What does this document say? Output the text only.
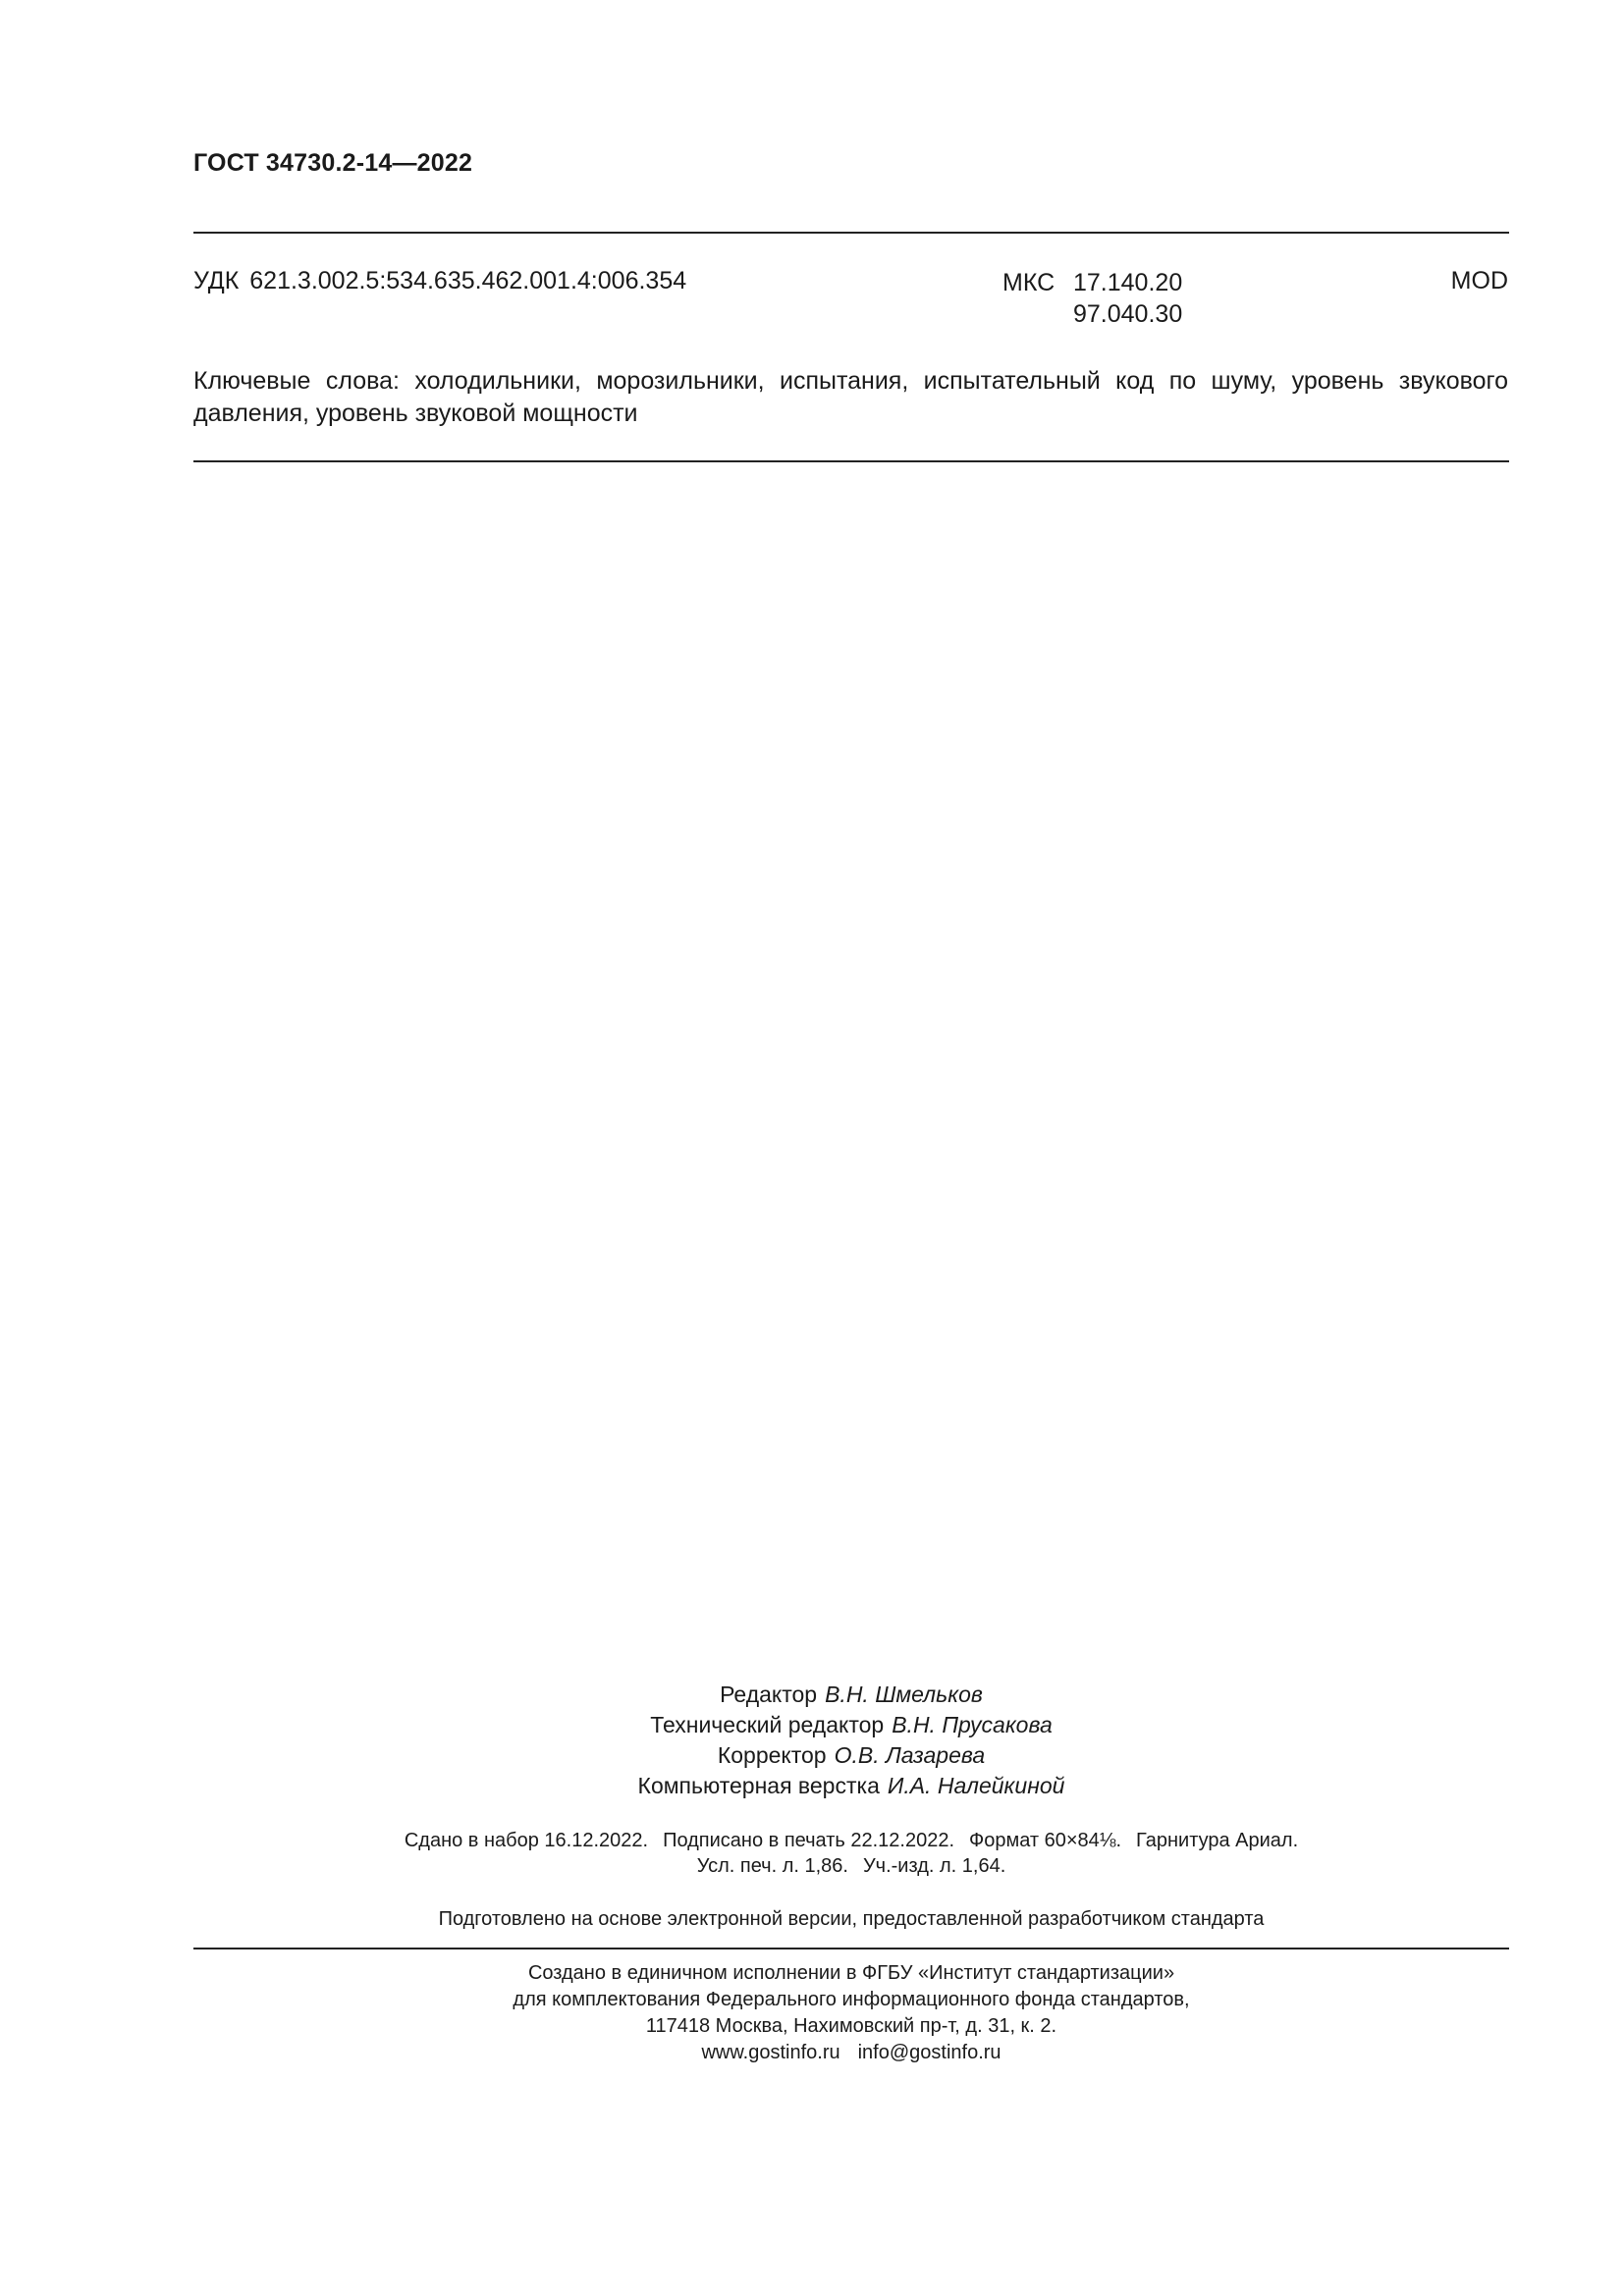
ГОСТ 34730.2-14—2022
УДК 621.3.002.5:534.635.462.001.4:006.354	МКС 17.140.20
97.040.30
MOD
Ключевые слова: холодильники, морозильники, испытания, испытательный код по шуму, уровень звукового давления, уровень звуковой мощности
Редактор В.Н. Шмельков
Технический редактор В.Н. Прусакова
Корректор О.В. Лазарева
Компьютерная верстка И.А. Налейкиной
Сдано в набор 16.12.2022. Подписано в печать 22.12.2022. Формат 60×84⅛. Гарнитура Ариал.
Усл. печ. л. 1,86. Уч.-изд. л. 1,64.
Подготовлено на основе электронной версии, предоставленной разработчиком стандарта
Создано в единичном исполнении в ФГБУ «Институт стандартизации»
для комплектования Федерального информационного фонда стандартов,
117418 Москва, Нахимовский пр-т, д. 31, к. 2.
www.gostinfo.ru info@gostinfo.ru
